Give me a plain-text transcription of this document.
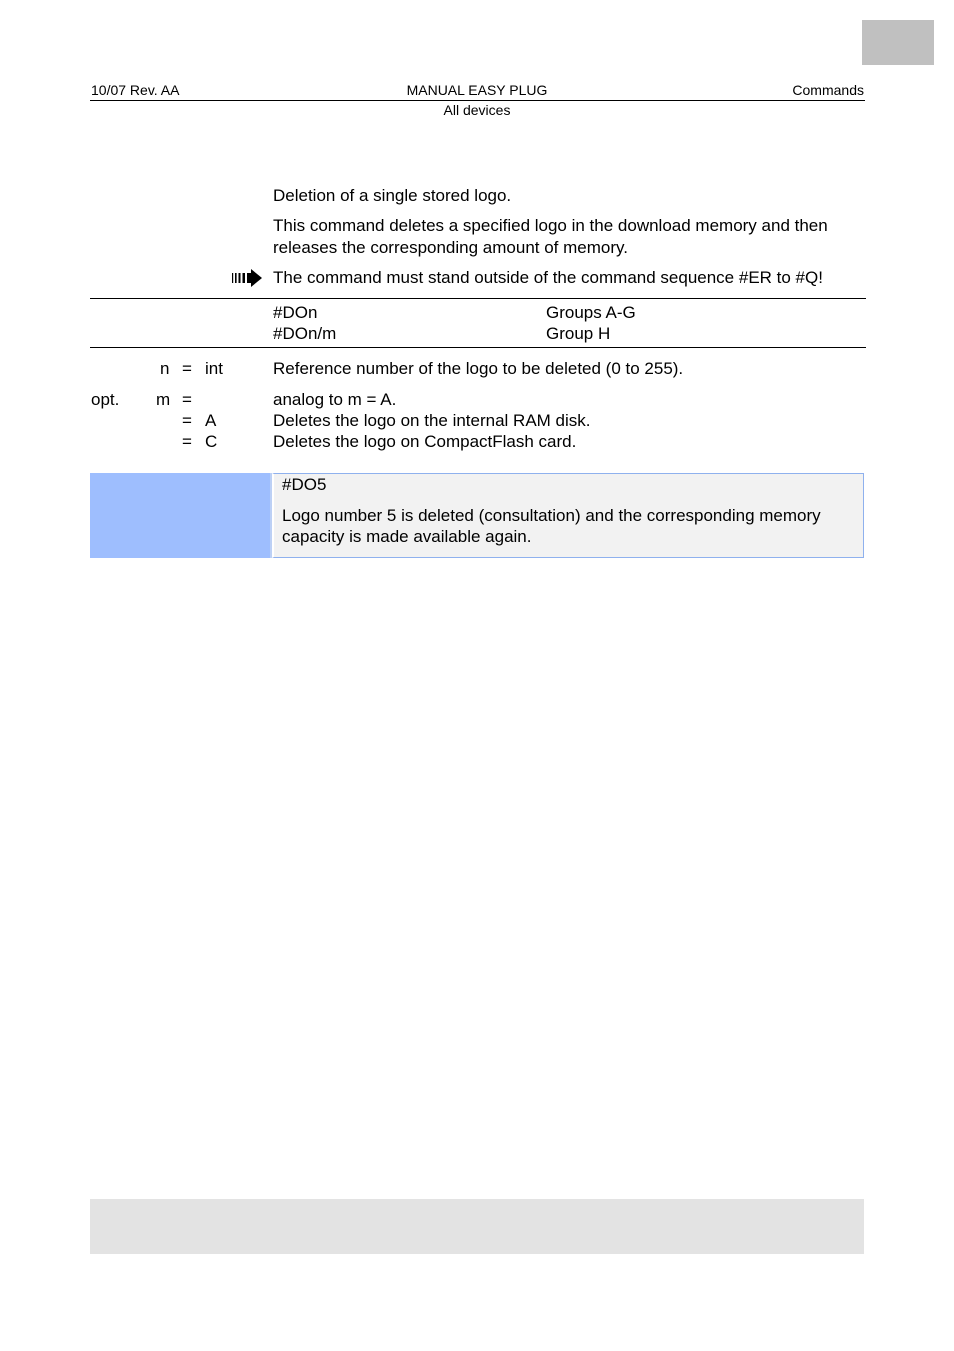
10/07 Rev. AA	MANUAL EASY PLUG	Commands
All devices
Deletion of a single stored logo.
This command deletes a specified logo in the download memory and then
releases the corresponding amount of memory.
The command must stand outside of the command sequence #ER to #Q!
#DOn	Groups A-G
#DOn/m	Group H
n = int	Reference number of the logo to be deleted (0 to 255).
opt. m =	analog to m = A.
= A	Deletes the logo on the internal RAM disk.
= C	Deletes the logo on CompactFlash card.
#DO5
Logo number 5 is deleted (consultation) and the corresponding memory
capacity is made available again.
